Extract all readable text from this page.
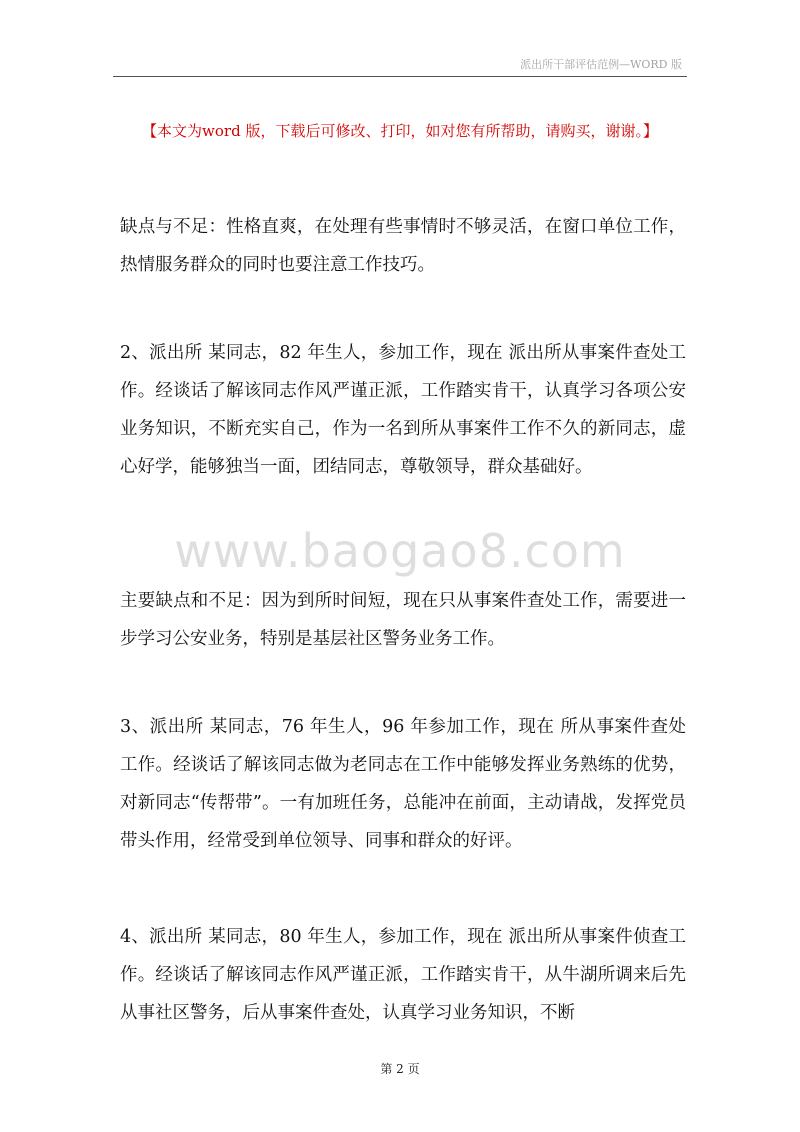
派出所干部评估范例—WORD 版
【本文为word 版，下载后可修改、打印，如对您有所帮助，请购买，谢谢。】
www.baogao8.com

缺点与不足：性格直爽，在处理有些事情时不够灵活，在窗口单位工作，热情服务群众的同时也要注意工作技巧。

2、派出所 某同志，82 年生人，参加工作，现在 派出所从事案件查处工作。经谈话了解该同志作风严谨正派，工作踏实肯干，认真学习各项公安业务知识，不断充实自己，作为一名到所从事案件工作不久的新同志，虚心好学，能够独当一面，团结同志，尊敬领导，群众基础好。

主要缺点和不足：因为到所时间短，现在只从事案件查处工作，需要进一步学习公安业务，特别是基层社区警务业务工作。

3、派出所 某同志，76 年生人，96 年参加工作，现在 所从事案件查处工作。经谈话了解该同志做为老同志在工作中能够发挥业务熟练的优势，对新同志“传帮带”。一有加班任务，总能冲在前面，主动请战，发挥党员带头作用，经常受到单位领导、同事和群众的好评。

4、派出所 某同志，80 年生人，参加工作，现在 派出所从事案件侦查工作。经谈话了解该同志作风严谨正派，工作踏实肯干，从牛湖所调来后先从事社区警务，后从事案件查处，认真学习业务知识，不断

第 2 页
